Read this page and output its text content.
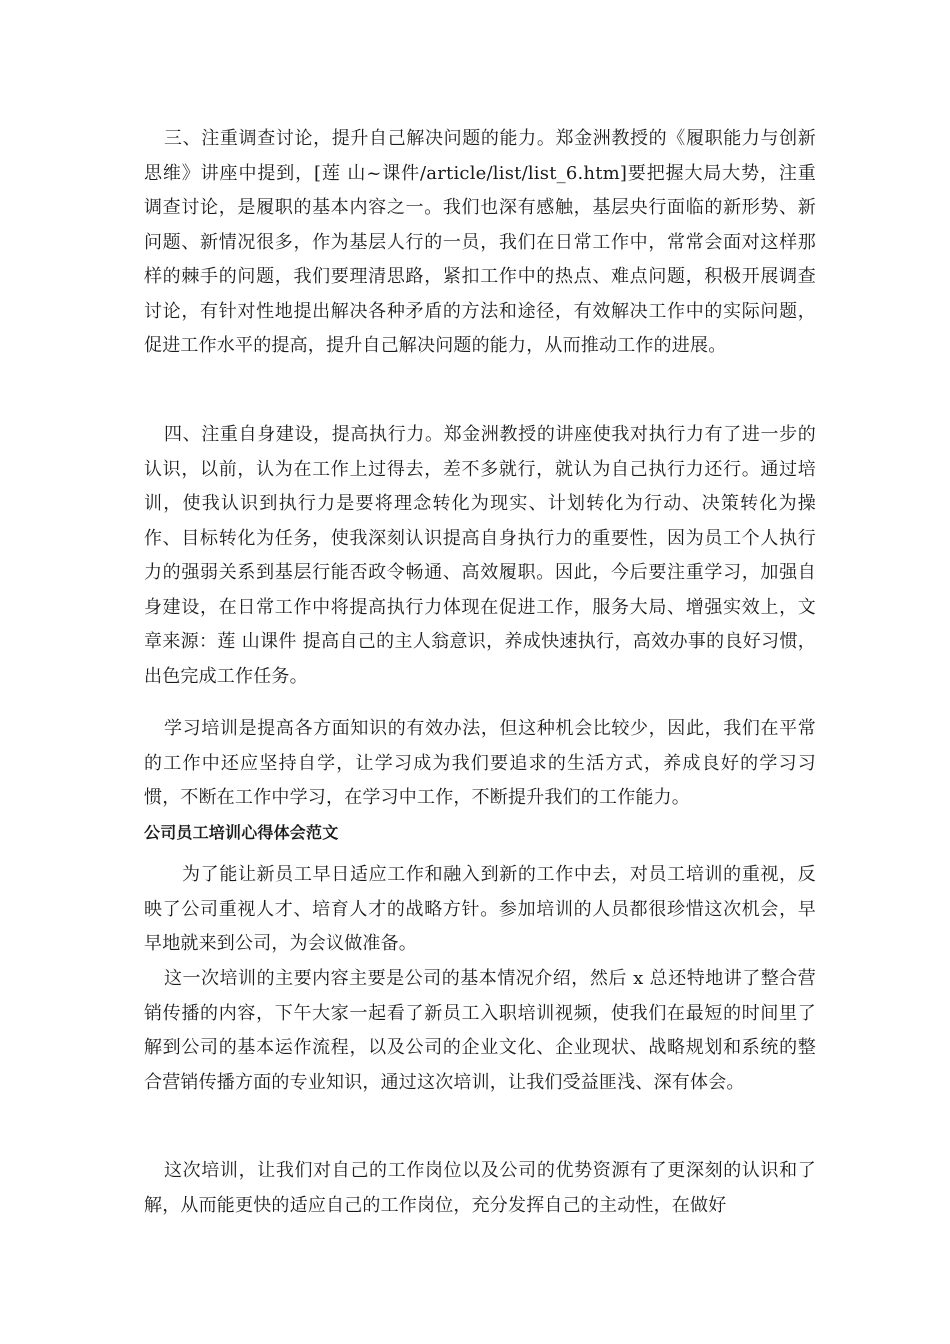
三、注重调查讨论，提升自己解决问题的能力。郑金洲教授的《履职能力与创新思维》讲座中提到，[莲 山~课件/article/list/list_6.htm]要把握大局大势，注重调查讨论，是履职的基本内容之一。我们也深有感触，基层央行面临的新形势、新问题、新情况很多，作为基层人行的一员，我们在日常工作中，常常会面对这样那样的棘手的问题，我们要理清思路，紧扣工作中的热点、难点问题，积极开展调查讨论，有针对性地提出解决各种矛盾的方法和途径，有效解决工作中的实际问题，促进工作水平的提高，提升自己解决问题的能力，从而推动工作的进展。

四、注重自身建设，提高执行力。郑金洲教授的讲座使我对执行力有了进一步的认识，以前，认为在工作上过得去，差不多就行，就认为自己执行力还行。通过培训，使我认识到执行力是要将理念转化为现实、计划转化为行动、决策转化为操作、目标转化为任务，使我深刻认识提高自身执行力的重要性，因为员工个人执行力的强弱关系到基层行能否政令畅通、高效履职。因此，今后要注重学习，加强自身建设，在日常工作中将提高执行力体现在促进工作，服务大局、增强实效上，文章来源：莲 山课件 提高自己的主人翁意识，养成快速执行，高效办事的良好习惯，出色完成工作任务。

学习培训是提高各方面知识的有效办法，但这种机会比较少，因此，我们在平常的工作中还应坚持自学，让学习成为我们要追求的生活方式，养成良好的学习习惯，不断在工作中学习，在学习中工作，不断提升我们的工作能力。

公司员工培训心得体会范文

为了能让新员工早日适应工作和融入到新的工作中去，对员工培训的重视，反映了公司重视人才、培育人才的战略方针。参加培训的人员都很珍惜这次机会，早早地就来到公司，为会议做准备。

这一次培训的主要内容主要是公司的基本情况介绍，然后 x 总还特地讲了整合营销传播的内容，下午大家一起看了新员工入职培训视频，使我们在最短的时间里了解到公司的基本运作流程，以及公司的企业文化、企业现状、战略规划和系统的整合营销传播方面的专业知识，通过这次培训，让我们受益匪浅、深有体会。

这次培训，让我们对自己的工作岗位以及公司的优势资源有了更深刻的认识和了解，从而能更快的适应自己的工作岗位，充分发挥自己的主动性，在做好
